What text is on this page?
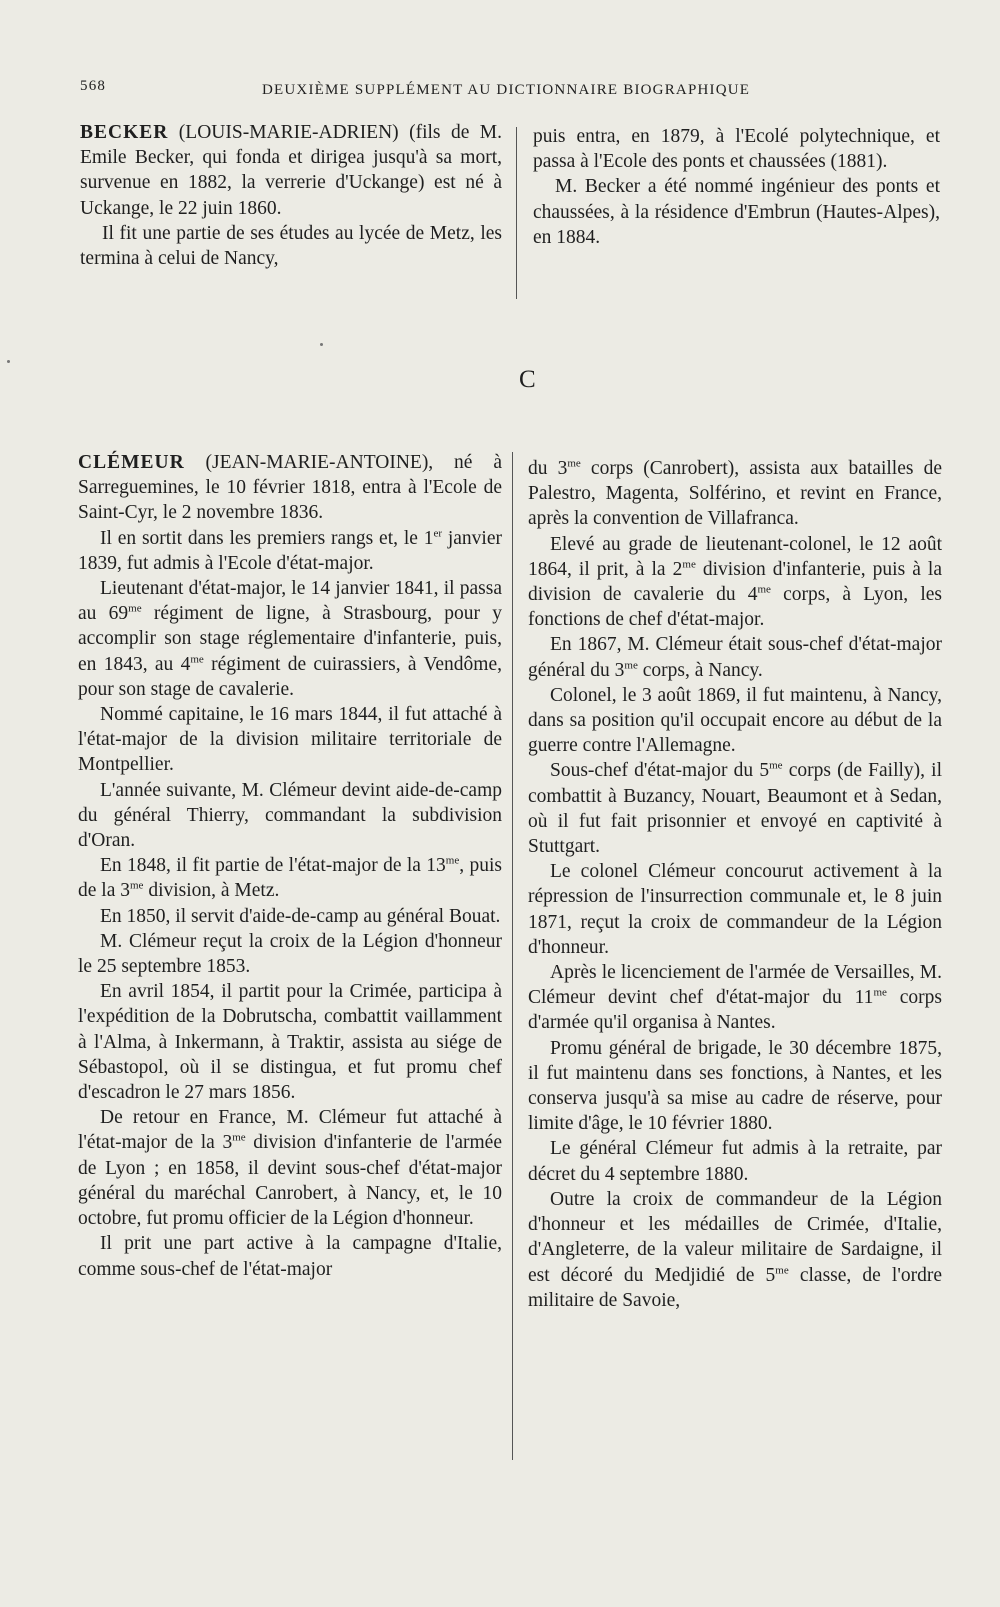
568	DEUXIÈME SUPPLÉMENT AU DICTIONNAIRE BIOGRAPHIQUE

BECKER (LOUIS-MARIE-ADRIEN) (fils de M. Emile Becker, qui fonda et dirigea jusqu'à sa mort, survenue en 1882, la verrerie d'Uckange) est né à Uckange, le 22 juin 1860.

Il fit une partie de ses études au lycée de Metz, les termina à celui de Nancy,

puis entra, en 1879, à l'Ecolé polytechnique, et passa à l'Ecole des ponts et chaussées (1881).

M. Becker a été nommé ingénieur des ponts et chaussées, à la résidence d'Embrun (Hautes-Alpes), en 1884.

C

CLÉMEUR (JEAN-MARIE-ANTOINE), né à Sarreguemines, le 10 février 1818, entra à l'Ecole de Saint-Cyr, le 2 novembre 1836.

Il en sortit dans les premiers rangs et, le 1er janvier 1839, fut admis à l'Ecole d'état-major.

Lieutenant d'état-major, le 14 janvier 1841, il passa au $69^{me}$ régiment de ligne, à Strasbourg, pour y accomplir son stage réglementaire d'infanterie, puis, en 1843, au $4^{me}$ régiment de cuirassiers, à Vendôme, pour son stage de cavalerie.

Nommé capitaine, le 16 mars 1844, il fut attaché à l'état-major de la division militaire territoriale de Montpellier.

L'année suivante, M. Clémeur devint aide-de-camp du général Thierry, commandant la subdivision d'Oran.

En 1848, il fit partie de l'état-major de la $13^{me}$, puis de la $3^{me}$ division, à Metz.

En 1850, il servit d'aide-de-camp au général Bouat.

M. Clémeur reçut la croix de la Légion d'honneur le 25 septembre 1853.

En avril 1854, il partit pour la Crimée, participa à l'expédition de la Dobrutscha, combattit vaillamment à l'Alma, à Inkermann, à Traktir, assista au siége de Sébastopol, où il se distingua, et fut promu chef d'escadron le 27 mars 1856.

De retour en France, M. Clémeur fut attaché à l'état-major de la $3^{me}$ division d'infanterie de l'armée de Lyon ; en 1858, il devint sous-chef d'état-major général du maréchal Canrobert, à Nancy, et, le 10 octobre, fut promu officier de la Légion d'honneur.

Il prit une part active à la campagne d'Italie, comme sous-chef de l'état-major

du $3^{me}$ corps (Canrobert), assista aux batailles de Palestro, Magenta, Solférino, et revint en France, après la convention de Villafranca.

Elevé au grade de lieutenant-colonel, le 12 août 1864, il prit, à la $2^{me}$ division d'infanterie, puis à la division de cavalerie du $4^{me}$ corps, à Lyon, les fonctions de chef d'état-major.

En 1867, M. Clémeur était sous-chef d'état-major général du $3^{me}$ corps, à Nancy.

Colonel, le 3 août 1869, il fut maintenu, à Nancy, dans sa position qu'il occupait encore au début de la guerre contre l'Allemagne.

Sous-chef d'état-major du $5^{me}$ corps (de Failly), il combattit à Buzancy, Nouart, Beaumont et à Sedan, où il fut fait prisonnier et envoyé en captivité à Stuttgart.

Le colonel Clémeur concourut activement à la répression de l'insurrection communale et, le 8 juin 1871, reçut la croix de commandeur de la Légion d'honneur.

Après le licenciement de l'armée de Versailles, M. Clémeur devint chef d'état-major du $11^{me}$ corps d'armée qu'il organisa à Nantes.

Promu général de brigade, le 30 décembre 1875, il fut maintenu dans ses fonctions, à Nantes, et les conserva jusqu'à sa mise au cadre de réserve, pour limite d'âge, le 10 février 1880.

Le général Clémeur fut admis à la retraite, par décret du 4 septembre 1880.

Outre la croix de commandeur de la Légion d'honneur et les médailles de Crimée, d'Italie, d'Angleterre, de la valeur militaire de Sardaigne, il est décoré du Medjidié de $5^{me}$ classe, de l'ordre militaire de Savoie,
